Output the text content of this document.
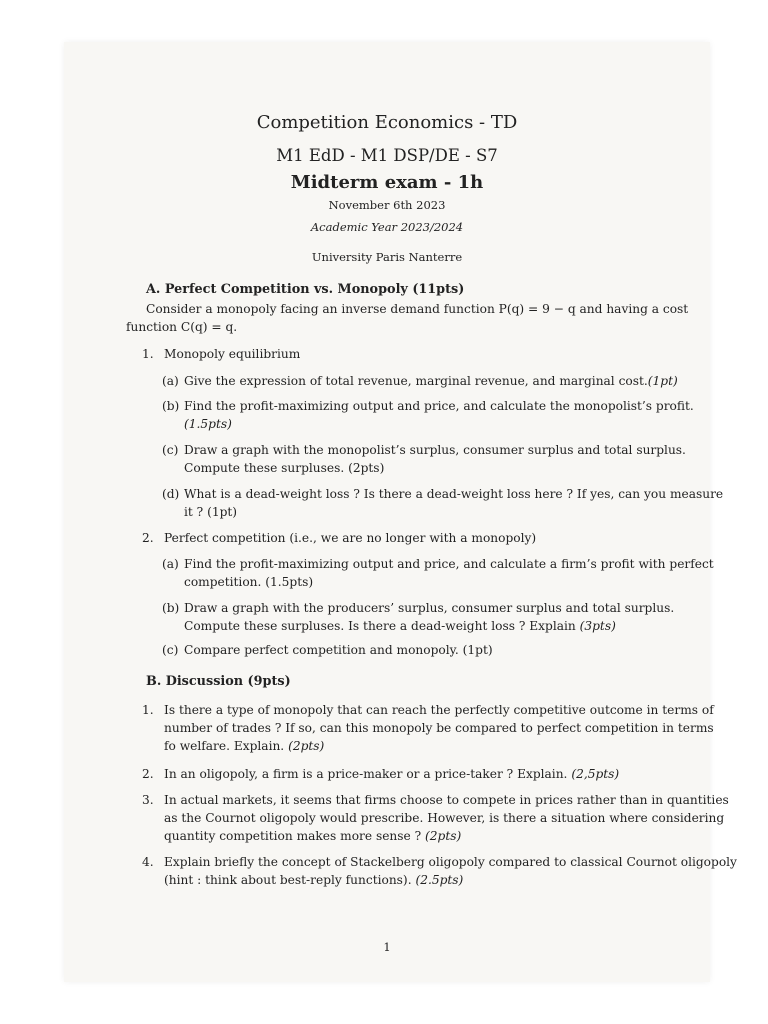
Competition Economics - TD
M1 EdD - M1 DSP/DE - S7
Midterm exam - 1h
November 6th 2023
Academic Year 2023/2024
University Paris Nanterre
A. Perfect Competition vs. Monopoly (11pts)
Consider a monopoly facing an inverse demand function P(q) = 9 − q and having a cost
function C(q) = q.
1. Monopoly equilibrium
(a) Give the expression of total revenue, marginal revenue, and marginal cost.(1pt)
(b) Find the profit-maximizing output and price, and calculate the monopolist’s profit.
(1.5pts)
(c) Draw a graph with the monopolist’s surplus, consumer surplus and total surplus.
Compute these surpluses. (2pts)
(d) What is a dead-weight loss ? Is there a dead-weight loss here ? If yes, can you measure
it ? (1pt)
2. Perfect competition (i.e., we are no longer with a monopoly)
(a) Find the profit-maximizing output and price, and calculate a firm’s profit with perfect
competition. (1.5pts)
(b) Draw a graph with the producers’ surplus, consumer surplus and total surplus.
Compute these surpluses. Is there a dead-weight loss ? Explain (3pts)
(c) Compare perfect competition and monopoly. (1pt)
B. Discussion (9pts)
1. Is there a type of monopoly that can reach the perfectly competitive outcome in terms of
number of trades ? If so, can this monopoly be compared to perfect competition in terms
fo welfare. Explain. (2pts)
2. In an oligopoly, a firm is a price-maker or a price-taker ? Explain. (2,5pts)
3. In actual markets, it seems that firms choose to compete in prices rather than in quantities
as the Cournot oligopoly would prescribe. However, is there a situation where considering
quantity competition makes more sense ? (2pts)
4. Explain briefly the concept of Stackelberg oligopoly compared to classical Cournot oligopoly
(hint : think about best-reply functions). (2.5pts)
1
